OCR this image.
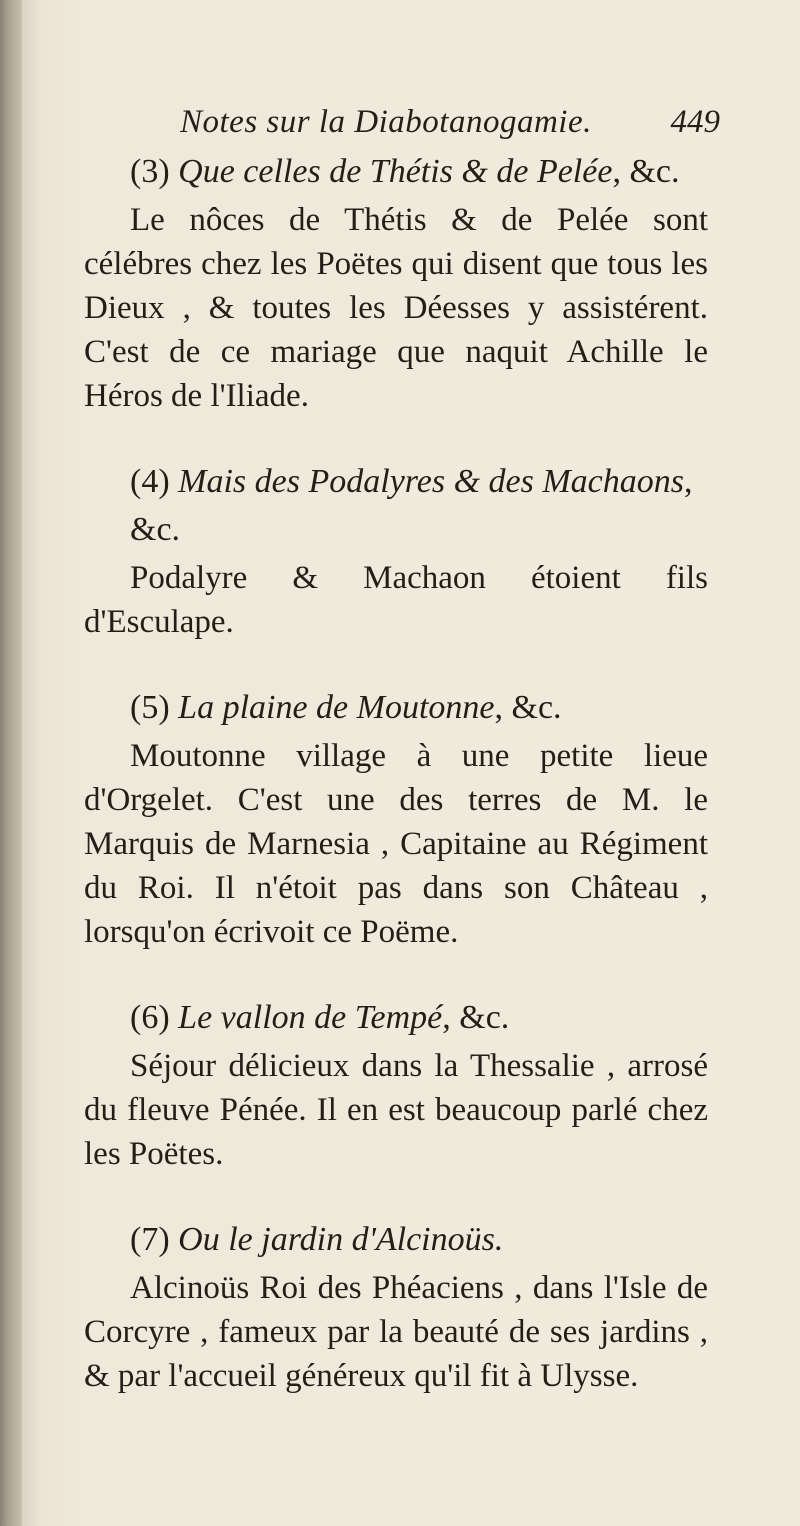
Notes sur la Diabotanogamie. 449
(3) Que celles de Thétis & de Pelée, &c.

Le nôces de Thétis & de Pelée sont célébres chez les Poëtes qui disent que tous les Dieux , & toutes les Déesses y assistérent. C'est de ce mariage que naquit Achille le Héros de l'Iliade.

(4) Mais des Podalyres & des Machaons, &c.

Podalyre & Machaon étoient fils d'Esculape.

(5) La plaine de Moutonne, &c.

Moutonne village à une petite lieue d'Orgelet. C'est une des terres de M. le Marquis de Marnesia , Capitaine au Régiment du Roi. Il n'étoit pas dans son Château , lorsqu'on écrivoit ce Poëme.

(6) Le vallon de Tempé, &c.

Séjour délicieux dans la Thessalie , arrosé du fleuve Pénée. Il en est beaucoup parlé chez les Poëtes.

(7) Ou le jardin d'Alcinoüs.

Alcinoüs Roi des Phéaciens , dans l'Isle de Corcyre , fameux par la beauté de ses jardins , & par l'accueil généreux qu'il fit à Ulysse.
